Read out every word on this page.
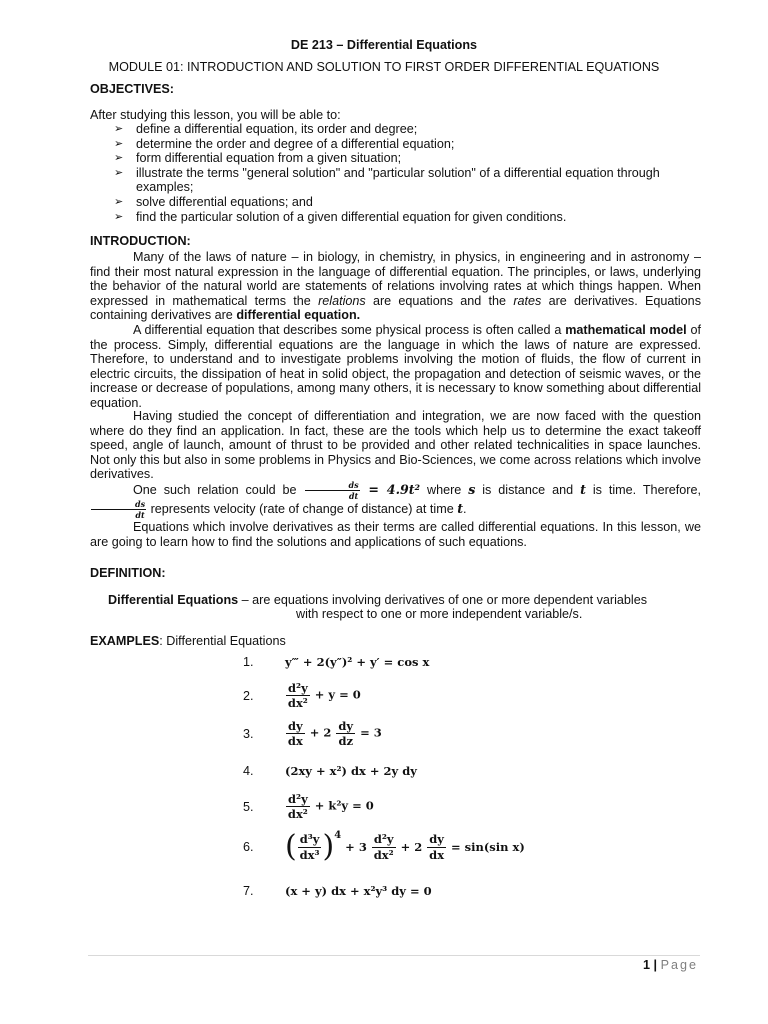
DE 213 – Differential Equations
MODULE 01: INTRODUCTION AND SOLUTION TO FIRST ORDER DIFFERENTIAL EQUATIONS
OBJECTIVES:
After studying this lesson, you will be able to:
➢ define a differential equation, its order and degree;
➢ determine the order and degree of a differential equation;
➢ form differential equation from a given situation;
➢ illustrate the terms "general solution" and "particular solution" of a differential equation through examples;
➢ solve differential equations; and
➢ find the particular solution of a given differential equation for given conditions.
INTRODUCTION:
Many of the laws of nature – in biology, in chemistry, in physics, in engineering and in astronomy – find their most natural expression in the language of differential equation. The principles, or laws, underlying the behavior of the natural world are statements of relations involving rates at which things happen. When expressed in mathematical terms the relations are equations and the rates are derivatives. Equations containing derivatives are differential equation.
A differential equation that describes some physical process is often called a mathematical model of the process. Simply, differential equations are the language in which the laws of nature are expressed. Therefore, to understand and to investigate problems involving the motion of fluids, the flow of current in electric circuits, the dissipation of heat in solid object, the propagation and detection of seismic waves, or the increase or decrease of populations, among many others, it is necessary to know something about differential equation.
Having studied the concept of differentiation and integration, we are now faced with the question where do they find an application. In fact, these are the tools which help us to determine the exact takeoff speed, angle of launch, amount of thrust to be provided and other related technicalities in space launches. Not only this but also in some problems in Physics and Bio-Sciences, we come across relations which involve derivatives.
One such relation could be $\frac{ds}{dt} = 4.9t^2$ where s is distance and t is time. Therefore,
$\frac{ds}{dt}$ represents velocity (rate of change of distance) at time t.
Equations which involve derivatives as their terms are called differential equations. In this lesson, we are going to learn how to find the solutions and applications of such equations.
DEFINITION:
Differential Equations – are equations involving derivatives of one or more dependent variables
with respect to one or more independent variable/s.
EXAMPLES: Differential Equations
1.	y‴ + 2(y″)² + y′ = cos x
2.	$\frac{\text{d²y}}{\text{dx²}} + y = 0$
3.	$\frac{dy}{dx} + 2 \frac{dy}{dz} = 3$
4.	(2xy + x²) dx + 2y dy
5.	$\frac{\text{d²y}}{\text{dx²}} + k^2y = 0$
6.	( d³y
dx³ ) 4
+ 3
d²y
dx²
+ $2 \frac{dy}{dx} = \sin(\sin$ x)
7.	(x + y) dx + x²y³ dy = 0
1 | Page
